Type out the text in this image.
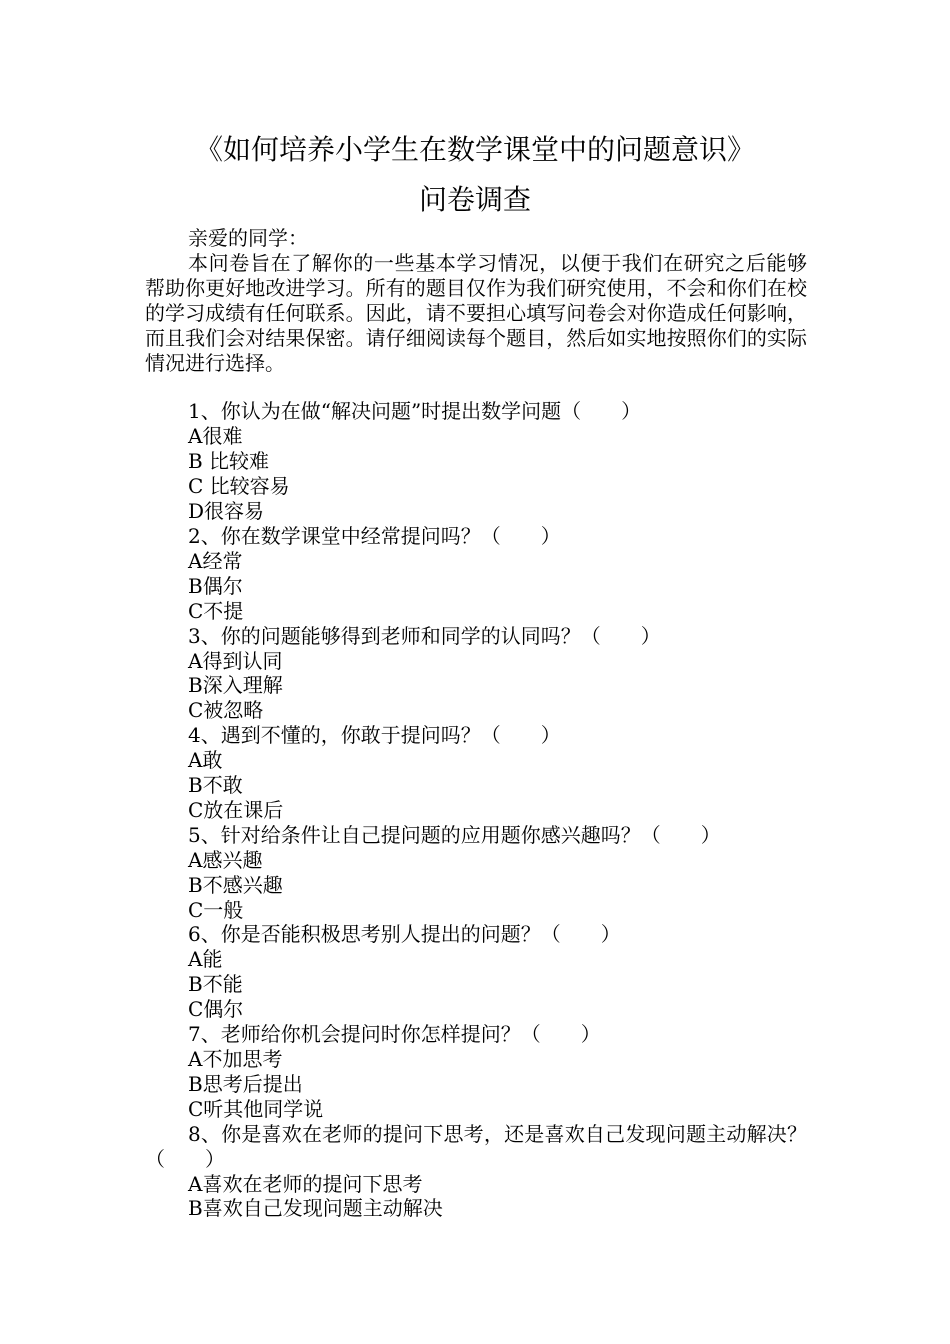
《如何培养小学生在数学课堂中的问题意识》
问卷调查
亲爱的同学：
本问卷旨在了解你的一些基本学习情况，以便于我们在研究之后能够帮助你更好地改进学习。所有的题目仅作为我们研究使用，不会和你们在校的学习成绩有任何联系。因此，请不要担心填写问卷会对你造成任何影响，而且我们会对结果保密。请仔细阅读每个题目，然后如实地按照你们的实际情况进行选择。
1、你认为在做“解决问题”时提出数学问题（　　）
A很难
B 比较难
C 比较容易
D很容易
2、你在数学课堂中经常提问吗？（　　）
A经常
B偶尔
C不提
3、你的问题能够得到老师和同学的认同吗？（　　）
A得到认同
B深入理解
C被忽略
4、遇到不懂的，你敢于提问吗？（　　）
A敢
B不敢
C放在课后
5、针对给条件让自己提问题的应用题你感兴趣吗？（　　）
A感兴趣
B不感兴趣
C一般
6、你是否能积极思考别人提出的问题？（　　）
A能
B不能
C偶尔
7、老师给你机会提问时你怎样提问？（　　）
A不加思考
B思考后提出
C听其他同学说
8、你是喜欢在老师的提问下思考，还是喜欢自己发现问题主动解决？（　　）
A喜欢在老师的提问下思考
B喜欢自己发现问题主动解决
